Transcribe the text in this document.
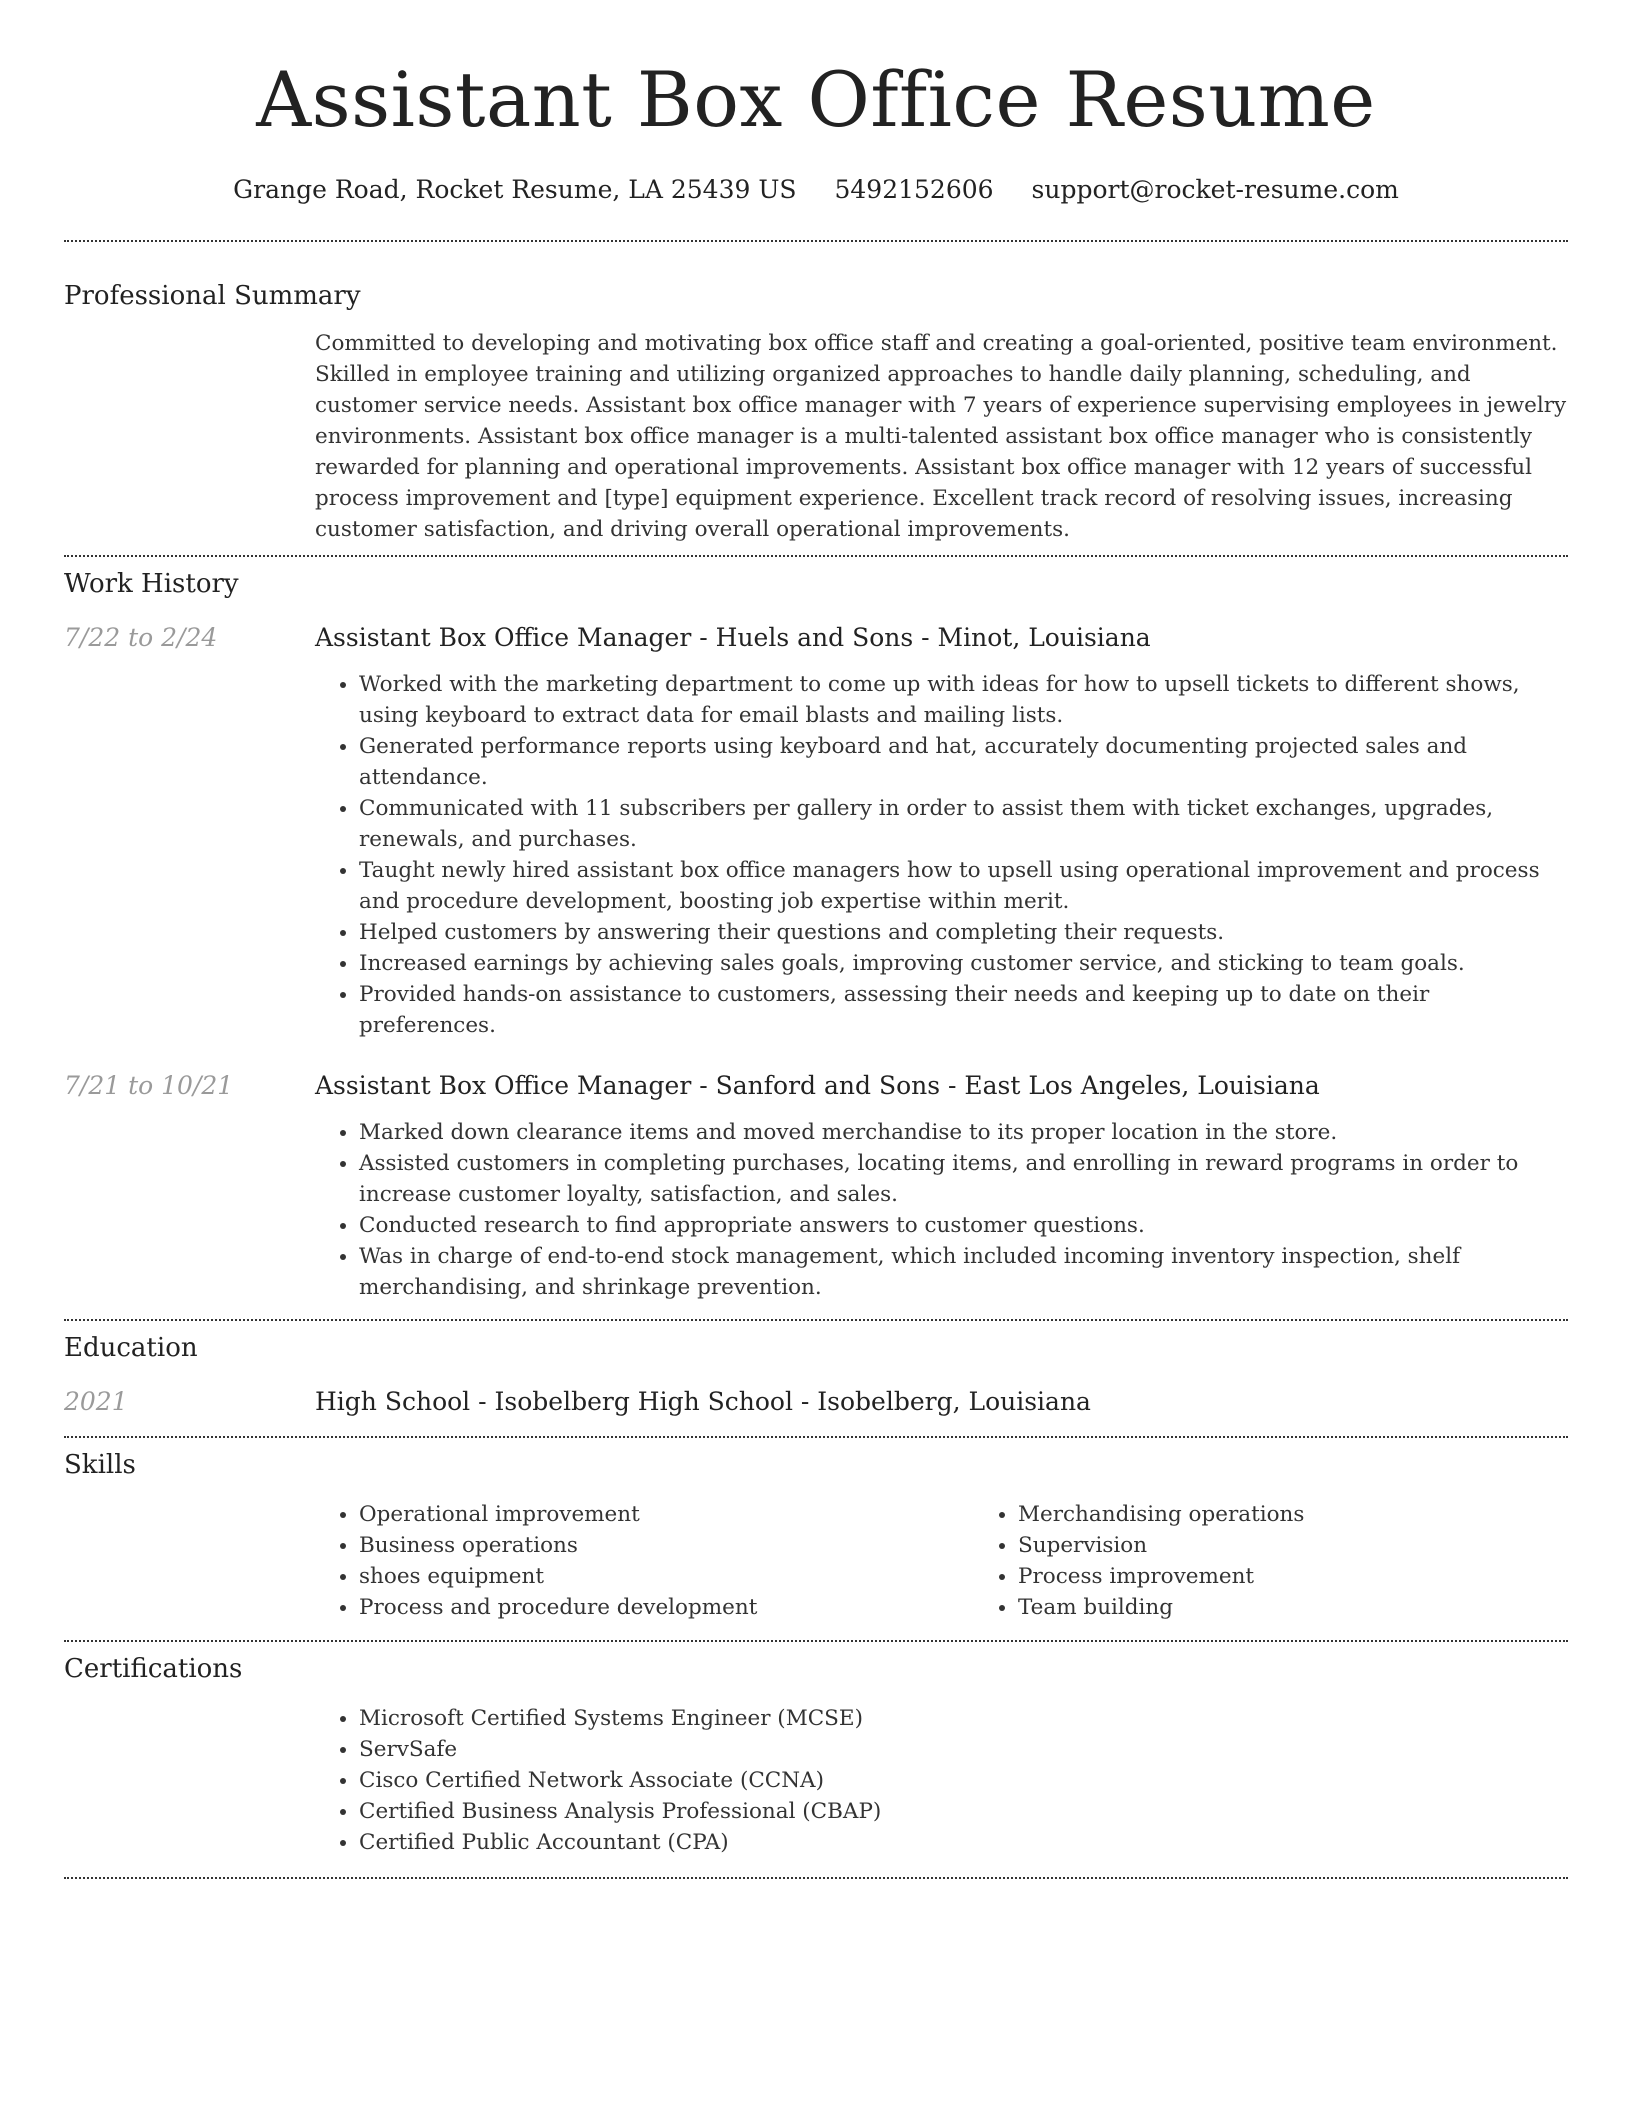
Assistant Box Office Resume
Grange Road, Rocket Resume, LA 25439 US 5492152606 support@rocket-resume.com
Professional Summary

Committed to developing and motivating box office staff and creating a goal-oriented, positive team environment. Skilled in employee training and utilizing organized approaches to handle daily planning, scheduling, and customer service needs. Assistant box office manager with 7 years of experience supervising employees in jewelry environments. Assistant box office manager is a multi-talented assistant box office manager who is consistently rewarded for planning and operational improvements. Assistant box office manager with 12 years of successful process improvement and [type] equipment experience. Excellent track record of resolving issues, increasing customer satisfaction, and driving overall operational improvements.

Work History
7/22 to 2/24	Assistant Box Office Manager - Huels and Sons - Minot, Louisiana
• Worked with the marketing department to come up with ideas for how to upsell tickets to different shows, using keyboard to extract data for email blasts and mailing lists.
• Generated performance reports using keyboard and hat, accurately documenting projected sales and attendance.
• Communicated with 11 subscribers per gallery in order to assist them with ticket exchanges, upgrades, renewals, and purchases.
• Taught newly hired assistant box office managers how to upsell using operational improvement and process and procedure development, boosting job expertise within merit.
• Helped customers by answering their questions and completing their requests.
• Increased earnings by achieving sales goals, improving customer service, and sticking to team goals.
• Provided hands-on assistance to customers, assessing their needs and keeping up to date on their preferences.
7/21 to 10/21	Assistant Box Office Manager - Sanford and Sons - East Los Angeles, Louisiana
• Marked down clearance items and moved merchandise to its proper location in the store.
• Assisted customers in completing purchases, locating items, and enrolling in reward programs in order to increase customer loyalty, satisfaction, and sales.
• Conducted research to find appropriate answers to customer questions.
• Was in charge of end-to-end stock management, which included incoming inventory inspection, shelf merchandising, and shrinkage prevention.
Education
2021	High School - Isobelberg High School - Isobelberg, Louisiana
Skills
• Operational improvement
• Business operations
• shoes equipment
• Process and procedure development
• Merchandising operations
• Supervision
• Process improvement
• Team building
Certifications
• Microsoft Certified Systems Engineer (MCSE)
• ServSafe
• Cisco Certified Network Associate (CCNA)
• Certified Business Analysis Professional (CBAP)
• Certified Public Accountant (CPA)
